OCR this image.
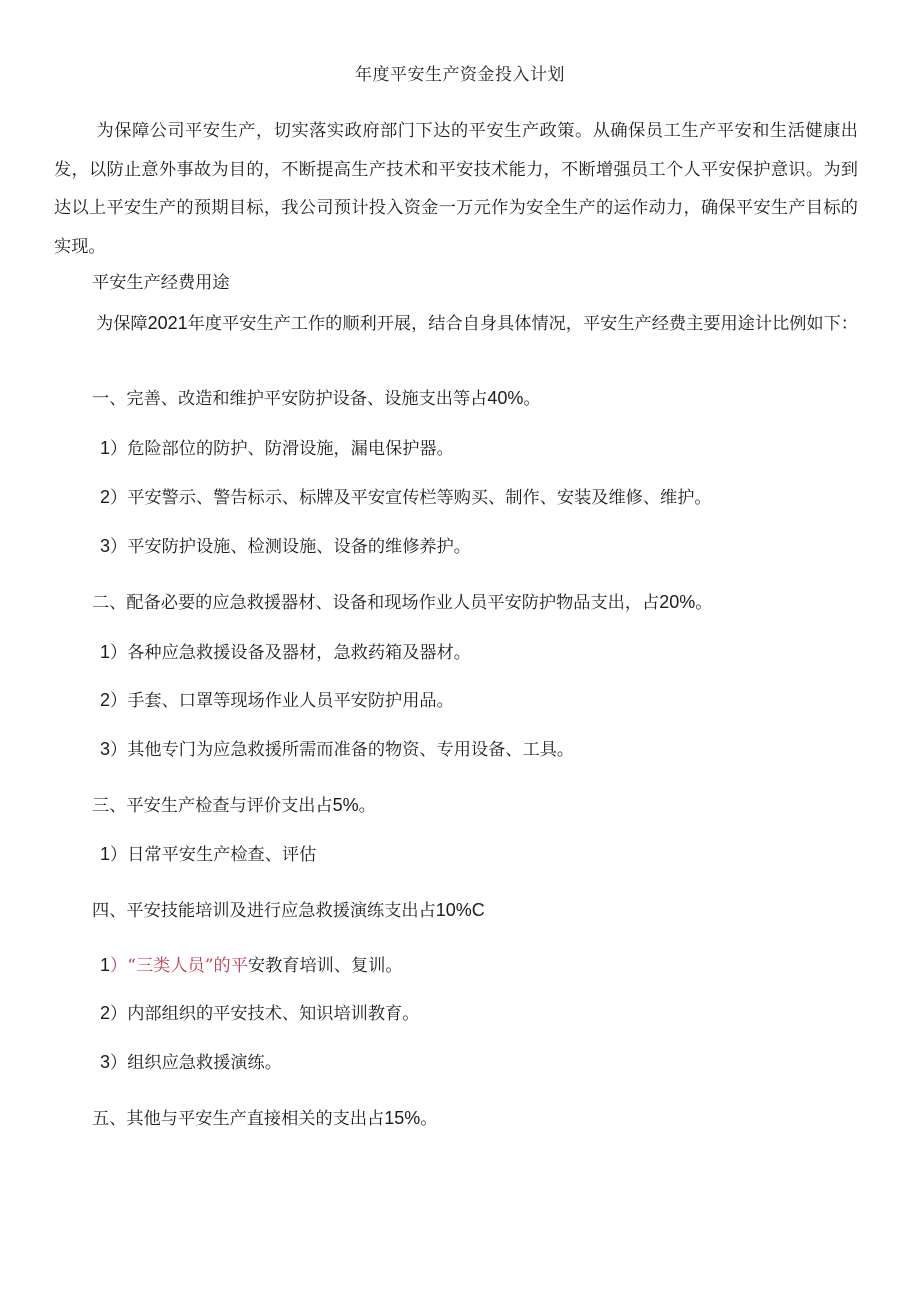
年度平安生产资金投入计划
为保障公司平安生产，切实落实政府部门下达的平安生产政策。从确保员工生产平安和生活健康出发，以防止意外事故为目的，不断提高生产技术和平安技术能力，不断增强员工个人平安保护意识。为到达以上平安生产的预期目标，我公司预计投入资金一万元作为安全生产的运作动力，确保平安生产目标的实现。
平安生产经费用途
为保障2021年度平安生产工作的顺利开展，结合自身具体情况，平安生产经费主要用途计比例如下：
一、完善、改造和维护平安防护设备、设施支出等占40%。
1）危险部位的防护、防滑设施，漏电保护器。
2）平安警示、警告标示、标牌及平安宣传栏等购买、制作、安装及维修、维护。
3）平安防护设施、检测设施、设备的维修养护。
二、配备必要的应急救援器材、设备和现场作业人员平安防护物品支出，占20%。
1）各种应急救援设备及器材，急救药箱及器材。
2）手套、口罩等现场作业人员平安防护用品。
3）其他专门为应急救援所需而准备的物资、专用设备、工具。
三、平安生产检查与评价支出占5%。
1）日常平安生产检查、评估
四、平安技能培训及进行应急救援演练支出占10%C
1）“三类人员”的平安教育培训、复训。
2）内部组织的平安技术、知识培训教育。
3）组织应急救援演练。
五、其他与平安生产直接相关的支出占15%。
